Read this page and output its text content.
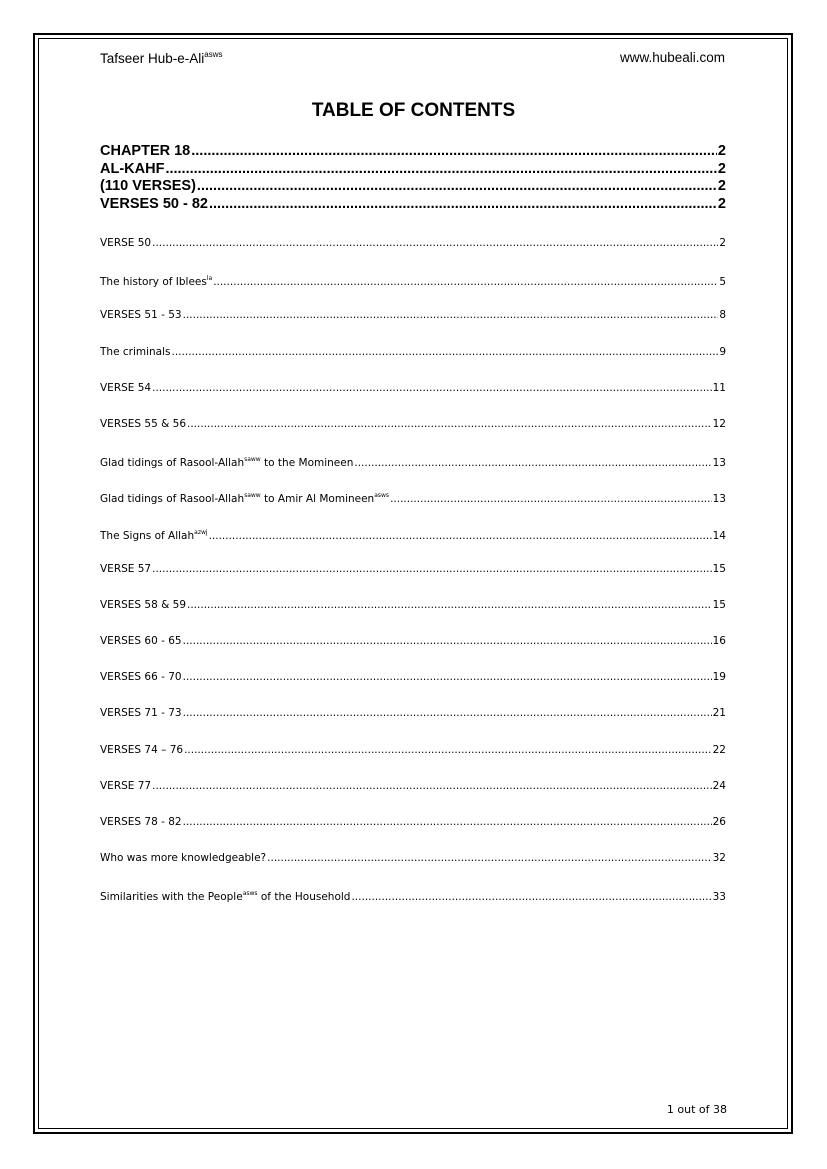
Tafseer Hub-e-Ali$^{asws}$	www.hubeali.com
TABLE OF CONTENTS
CHAPTER 18 .....	2
AL-KAHF .....	2
(110 VERSES) .....	2
VERSES 50 - 82 .....	2
VERSE 50 .....	2
The history of Iblees$^{la}$ .....	5
VERSES 51 - 53 .....	8
The criminals .....	9
VERSE 54 .....	11
VERSES 55 & 56 .....	12
Glad tidings of Rasool-Allah$^{saww}$ to the Momineen .....	13
Glad tidings of Rasool-Allah$^{saww}$ to Amir Al Momineen$^{asws}$ .....	13
The Signs of Allah$^{azwj}$ .....	14
VERSE 57 .....	15
VERSES 58 & 59 .....	15
VERSES 60 - 65 .....	16
VERSES 66 - 70 .....	19
VERSES 71 - 73 .....	21
VERSES 74 – 76 .....	22
VERSE 77 .....	24
VERSES 78 - 82 .....	26
Who was more knowledgeable? .....	32
Similarities with the People$^{asws}$ of the Household .....	33
1 out of 38
